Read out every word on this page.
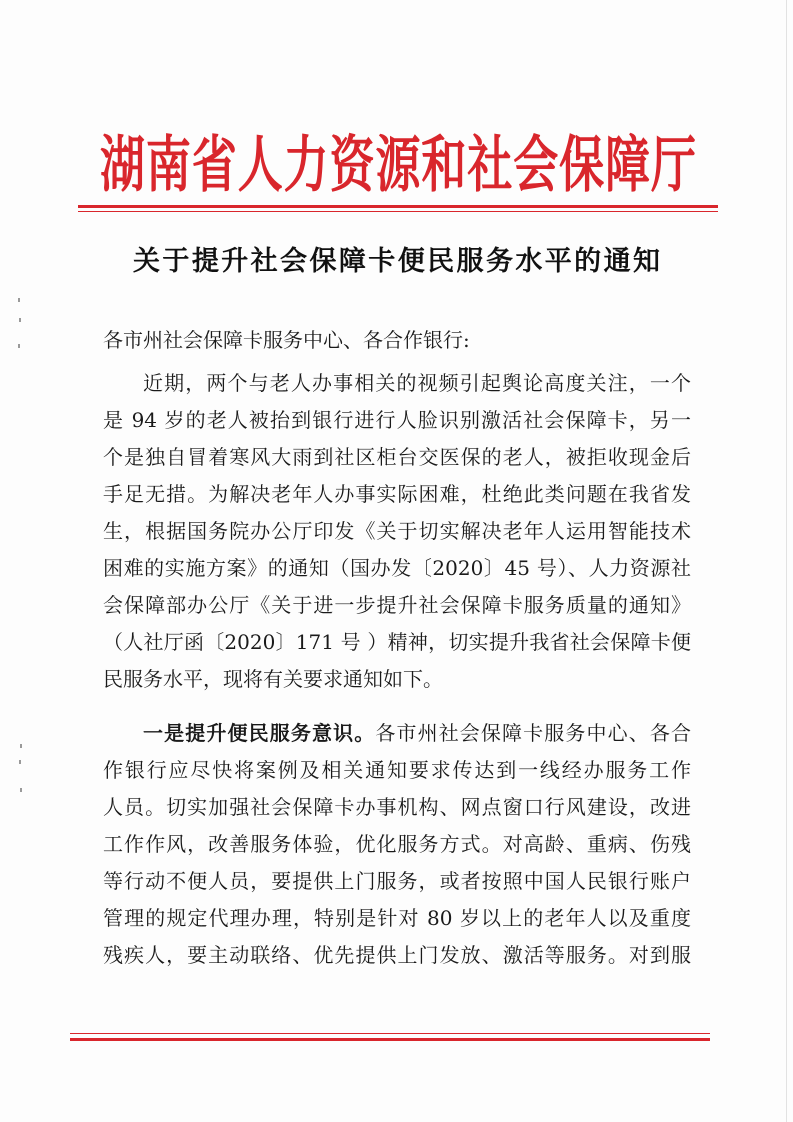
湖南省人力资源和社会保障厅
关于提升社会保障卡便民服务水平的通知
各市州社会保障卡服务中心、各合作银行:
近期，两个与老人办事相关的视频引起舆论高度关注，一个
是 94 岁的老人被抬到银行进行人脸识别激活社会保障卡，另一
个是独自冒着寒风大雨到社区柜台交医保的老人，被拒收现金后
手足无措。为解决老年人办事实际困难，杜绝此类问题在我省发
生，根据国务院办公厅印发《关于切实解决老年人运用智能技术
困难的实施方案》的通知（国办发〔2020〕45 号）、人力资源社
会保障部办公厅《关于进一步提升社会保障卡服务质量的通知》
（人社厅函〔2020〕171 号 ）精神，切实提升我省社会保障卡便
民服务水平，现将有关要求通知如下。
一是提升便民服务意识。各市州社会保障卡服务中心、各合
作银行应尽快将案例及相关通知要求传达到一线经办服务工作
人员。切实加强社会保障卡办事机构、网点窗口行风建设，改进
工作作风，改善服务体验，优化服务方式。对高龄、重病、伤残
等行动不便人员，要提供上门服务，或者按照中国人民银行账户
管理的规定代理办理，特别是针对 80 岁以上的老年人以及重度
残疾人，要主动联络、优先提供上门发放、激活等服务。对到服
